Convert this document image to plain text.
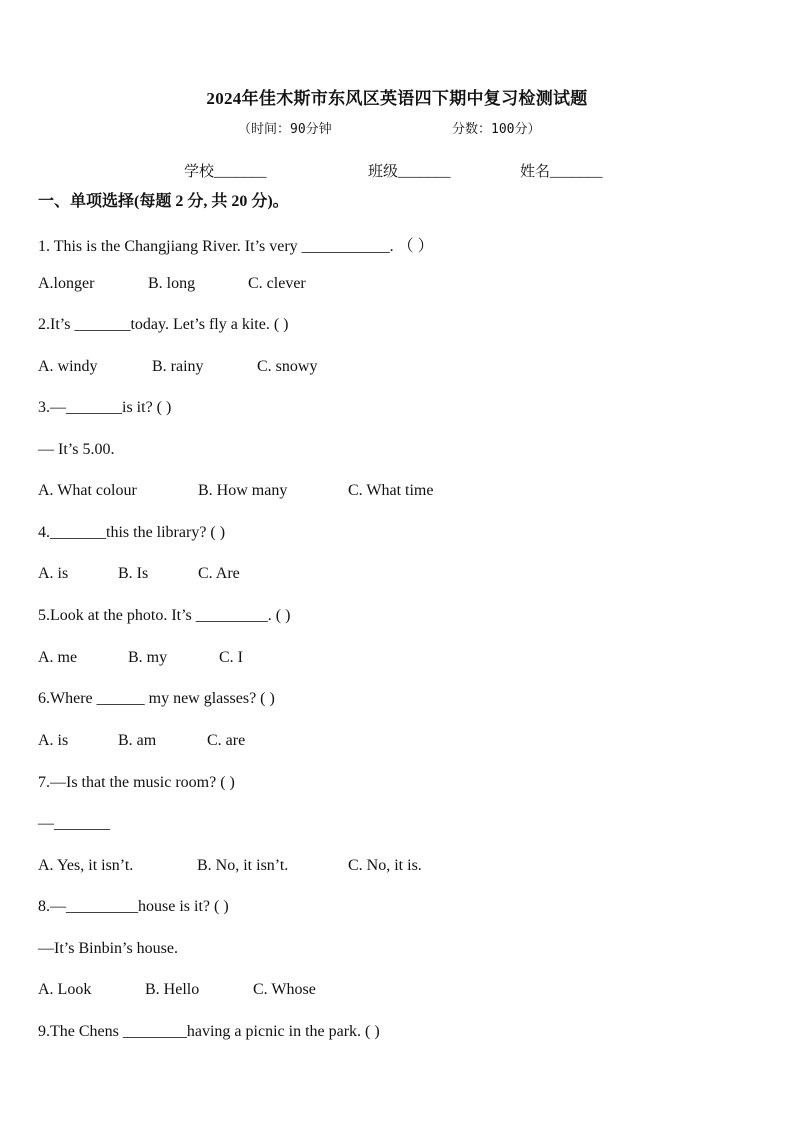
2024年佳木斯市东风区英语四下期中复习检测试题
（时间：90分钟	分数：100分）
学校_______	班级_______	姓名_______
一、单项选择(每题 2 分, 共 20 分)。
1. This is the Changjiang River. It’s very ___________. （ ）
A.longer	B. long	C. clever
2.It’s _______today. Let’s fly a kite. ( )
A. windy	B. rainy	C. snowy
3.—_______is it? ( )
— It’s 5.00.
A. What colour	B. How many	C. What time
4._______this the library? ( )
A. is	B. Is	C. Are
5.Look at the photo. It’s _________. ( )
A. me	B. my	C. I
6.Where ______ my new glasses? ( )
A. is	B. am	C. are
7.—Is that the music room? ( )
—_______
A. Yes, it isn’t.	B. No, it isn’t.	C. No, it is.
8.—_________house is it? ( )
—It’s Binbin’s house.
A. Look	B. Hello	C. Whose
9.The Chens ________having a picnic in the park. ( )
